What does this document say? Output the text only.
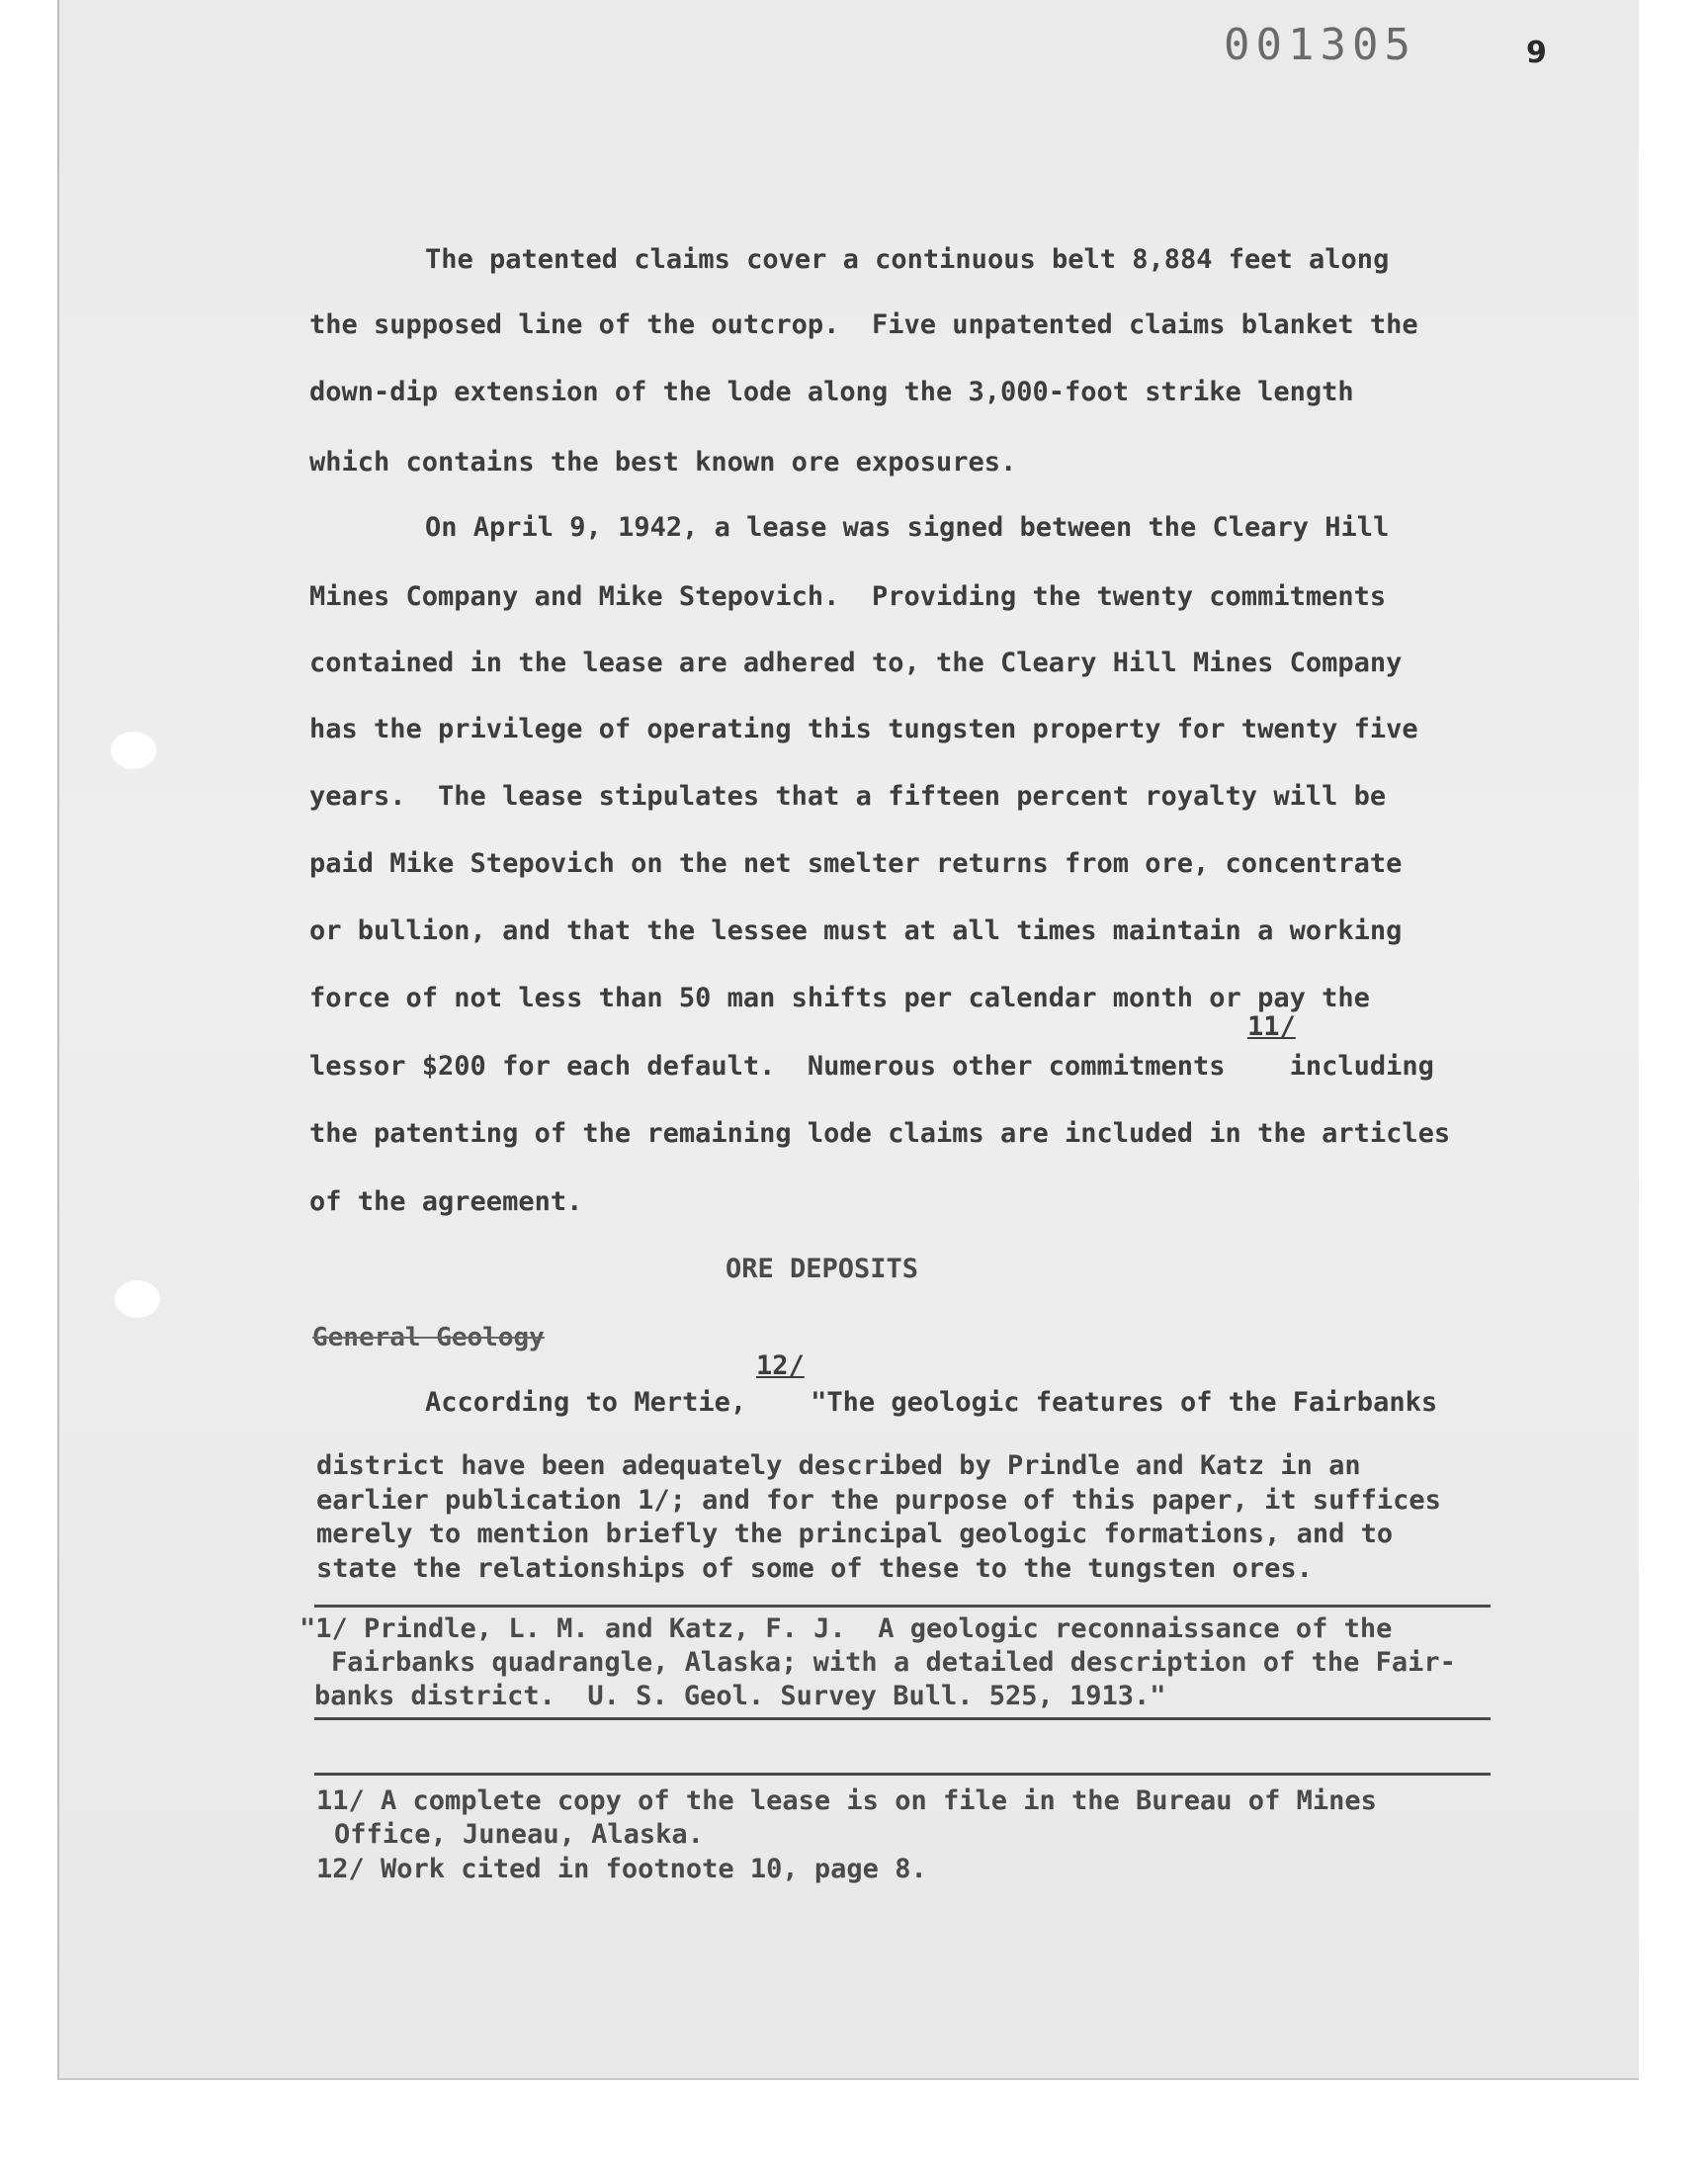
001305	9
The patented claims cover a continuous belt 8,884 feet along
the supposed line of the outcrop.  Five unpatented claims blanket the
down-dip extension of the lode along the 3,000-foot strike length
which contains the best known ore exposures.
On April 9, 1942, a lease was signed between the Cleary Hill
Mines Company and Mike Stepovich.  Providing the twenty commitments
contained in the lease are adhered to, the Cleary Hill Mines Company
has the privilege of operating this tungsten property for twenty five
years.  The lease stipulates that a fifteen percent royalty will be
paid Mike Stepovich on the net smelter returns from ore, concentrate
or bullion, and that the lessee must at all times maintain a working
force of not less than 50 man shifts per calendar month or pay the
11/
lessor $200 for each default.  Numerous other commitments    including
the patenting of the remaining lode claims are included in the articles
of the agreement.
ORE DEPOSITS
General Geology
12/
According to Mertie,    "The geologic features of the Fairbanks
district have been adequately described by Prindle and Katz in an
earlier publication 1/; and for the purpose of this paper, it suffices
merely to mention briefly the principal geologic formations, and to
state the relationships of some of these to the tungsten ores.
"1/ Prindle, L. M. and Katz, F. J.  A geologic reconnaissance of the
Fairbanks quadrangle, Alaska; with a detailed description of the Fair-
banks district.  U. S. Geol. Survey Bull. 525, 1913."
11/ A complete copy of the lease is on file in the Bureau of Mines
Office, Juneau, Alaska.
12/ Work cited in footnote 10, page 8.
